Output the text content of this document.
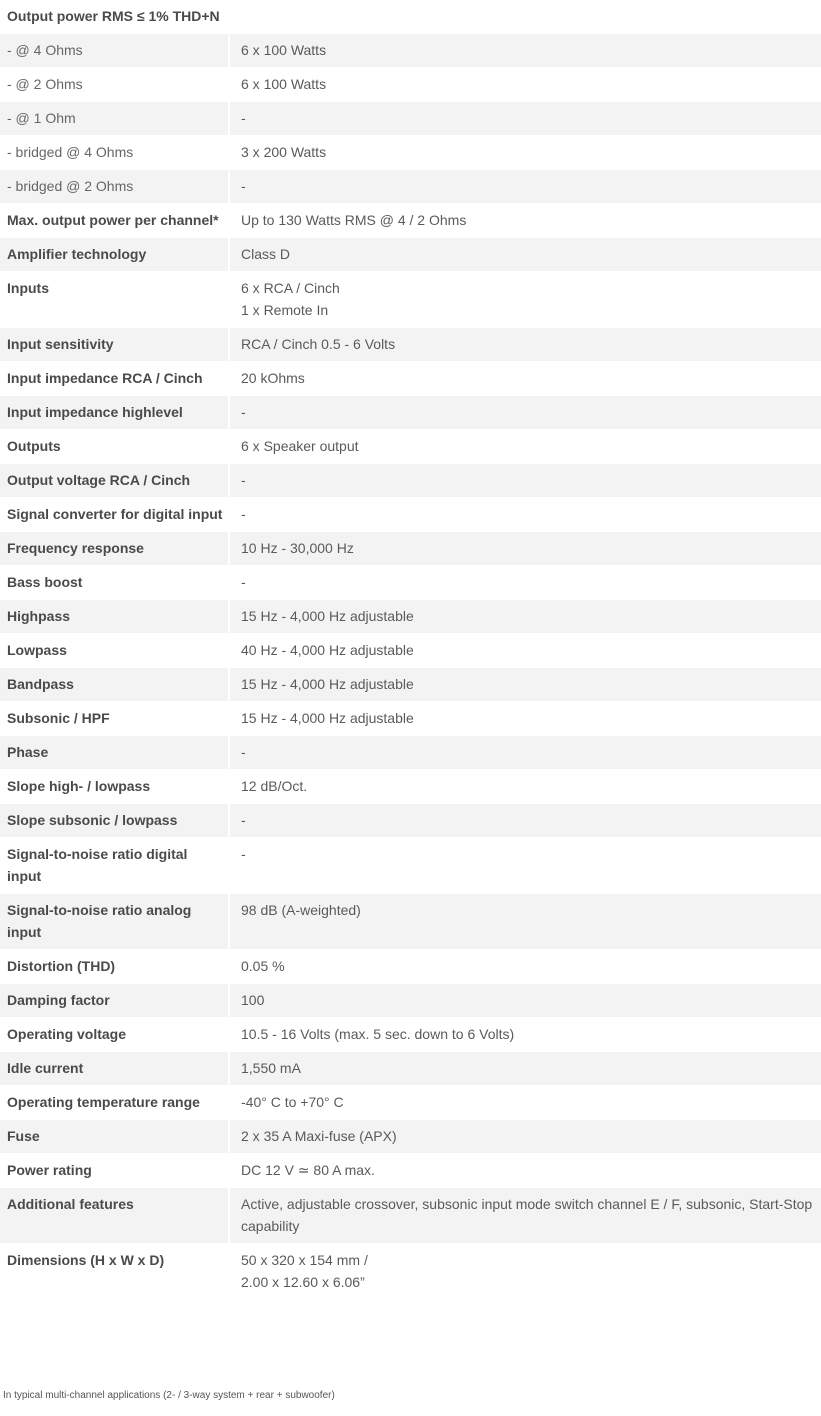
Output power RMS ≤ 1% THD+N	

- @ 4 Ohms	6 x 100 Watts

- @ 2 Ohms	6 x 100 Watts

- @ 1 Ohm	-

- bridged @ 4 Ohms	3 x 200 Watts

- bridged @ 2 Ohms	-

Max. output power per channel*	Up to 130 Watts RMS @ 4 / 2 Ohms

Amplifier technology	Class D

Inputs	6 x RCA / Cinch
1 x Remote In

Input sensitivity	RCA / Cinch 0.5 - 6 Volts

Input impedance RCA / Cinch	20 kOhms

Input impedance highlevel	-

Outputs	6 x Speaker output

Output voltage RCA / Cinch	-

Signal converter for digital input	-

Frequency response	10 Hz - 30,000 Hz

Bass boost	-

Highpass	15 Hz - 4,000 Hz adjustable

Lowpass	40 Hz - 4,000 Hz adjustable

Bandpass	15 Hz - 4,000 Hz adjustable

Subsonic / HPF	15 Hz - 4,000 Hz adjustable

Phase	-

Slope high- / lowpass	12 dB/Oct.

Slope subsonic / lowpass	-

Signal-to-noise ratio digital input	-

Signal-to-noise ratio analog input	98 dB (A-weighted)

Distortion (THD)	0.05 %

Damping factor	100

Operating voltage	10.5 - 16 Volts (max. 5 sec. down to 6 Volts)

Idle current	1,550 mA

Operating temperature range	-40° C to +70° C

Fuse	2 x 35 A Maxi-fuse (APX)

Power rating	DC 12 V ≃ 80 A max.

Additional features	Active, adjustable crossover, subsonic input mode switch channel E / F, subsonic, Start-Stop capability

Dimensions (H x W x D)	50 x 320 x 154 mm /
2.00 x 12.60 x 6.06”
In typical multi-channel applications (2- / 3-way system + rear + subwoofer)
